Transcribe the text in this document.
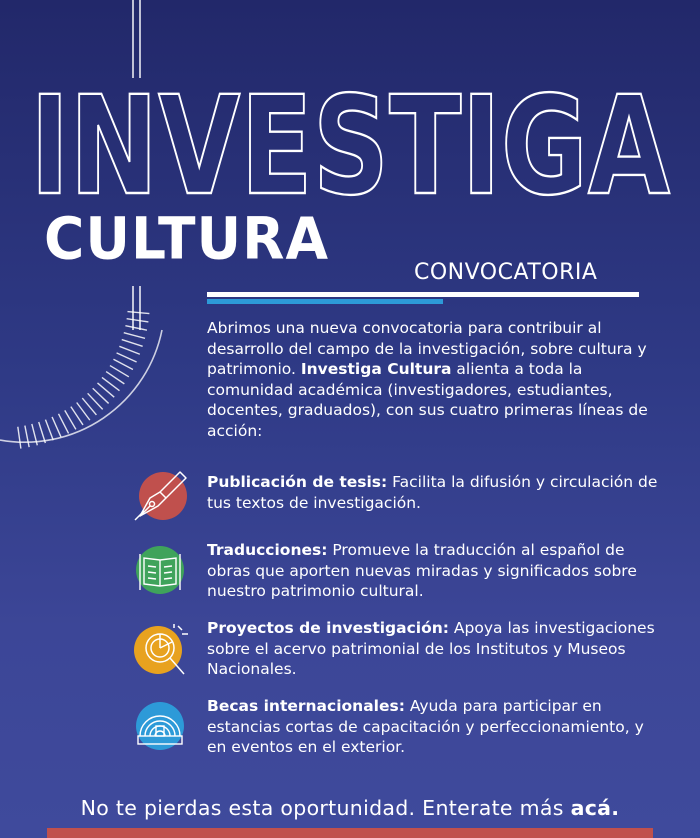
INVESTIGA
CULTURA
CONVOCATORIA
Abrimos una nueva convocatoria para contribuir al desarrollo del campo de la investigación, sobre cultura y patrimonio. Investiga Cultura alienta a toda la comunidad académica (investigadores, estudiantes, docentes, graduados), con sus cuatro primeras líneas de acción:
Publicación de tesis: Facilita la difusión y circulación de tus textos de investigación.
Traducciones: Promueve la traducción al español de obras que aporten nuevas miradas y significados sobre nuestro patrimonio cultural.
Proyectos de investigación: Apoya las investigaciones sobre el acervo patrimonial de los Institutos y Museos Nacionales.
Becas internacionales: Ayuda para participar en estancias cortas de capacitación y perfeccionamiento, y en eventos en el exterior.
No te pierdas esta oportunidad. Enterate más acá.
